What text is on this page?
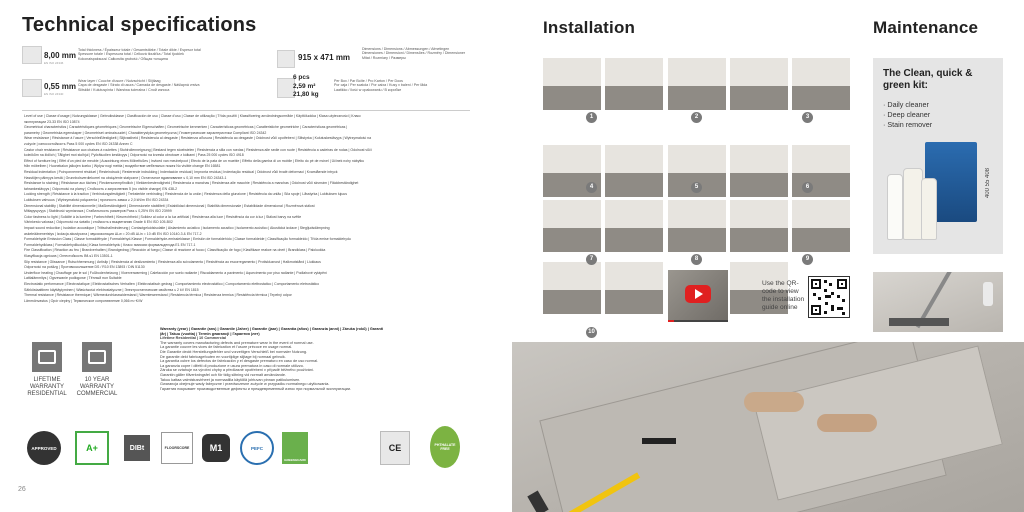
Technical specifications
8,00 mm
EN ISO 24346
Total thickness / Épaisseur totale / Gesamtstärke / Totale dikte / Espesor total
Spessore totale / Espessura total / Celková tloušťka / Total tjocklek
Kokonaispaksuus/ Całkowita grubość / Общая толщина
0,55 mm
EN ISO 24340
Wear layer / Couche d'usure / Nutzschicht / Slijtlaag
Capa de desgaste / Strato di usura / Camada de desgaste / Nášlapná vrstva
Slitskikt / Kulutuspinta / Warstwa ścieralna / Слой износа
915 x 471 mm
Dimensions / Dimensions / Abmessungen / Afmetingen
Dimensiones / Dimensioni / Dimensões / Rozměry / Dimensioner
Mitat / Rozmiary / Размеры
6 pcs
2,59 m²
21,80 kg
Per Box / Par Boîte / Pro Karton / Per Doos
Por caja / Per scatola / Por caixa / Kusy v balení / Per låda
Laatikko / Ilość w opakowaniu / В коробке
Level of use | Classe d'usage | Nutzungsklasse | Gebruiksklasse | Clasificación de uso | Classe d'uso | Classe de utilização | Třída použití | Klassificering användningsområde | Käyttöluokka | Klasa użyteczności | Класс
эксплуатации 23-33 EN ISO 10874
Geometrical characteristics | Caractéristiques géométriques | Geometrische Eigenschaften | Geometrische kenmerken | Características geométricas | Caratteristiche geometriche | Características geométricas |
parametry | Geometriska egenskaper | Geometriset ominaisuudet | Charakterystyka geometryczna | Геометрические характеристики Compliant ISO 24342
Wear resistance | Résistance à l'usure | Verschleißfestigkeit | Slijtvastheid | Resistencia al desgaste | Resistenza all'usura | Resistência ao desgaste | Odolnost vůči opotřebení | Slitstyrka | Kulutuskestävyys | Wytrzymałość na
zużycie | износостойкость Pass 5 000 cycles EN ISO 24338 Annex C
Castor chair resistance | Résistance aux chaises à roulettes | Stuhlrollenneignung | Bestand tegen stoelwielen | Resistencia a silla con ruedas | Resistenza alle sedie con ruote | Resistência a cadeiras de rodas | Odolnost vůči
kolečkům na židlích | Tålighet mot stolhjul | Pyörätuolien kestävyys | Odporność na krzesła obrotowe z kółkami | Pass 25 000 cycles ISO 4918
Effect of furniture leg | Effet d'un pied de meuble | Auswirkung eines Möbelfußes | Invloed van meubelpoot | Efecto de la pata de un mueble | Effetto della gamba di un mobile | Efeito do pé de móvel | Účinek nohy nábytku
från möbelben | Huonekalun jalkojen koeko | Wpływ nogi mebla | воздействие мебельных ножек No visible change EN 16581
Residual indentation | Poinçonnement résiduel | Resteindruck | Resterende indrukking | Indentación residual | Impronta residua | Indentação residual | Odolnost vůči trvalé deformaci | Kvarstående intryck
Hasstöjen pälmyys kestä | Grunnbolsverdiekorrel na obciążenie statyczne | Остаточное вдавливание ≤ 0,10 mm EN ISO 24343-1
Resistance to staining | Résistance aux tâches | Fleckenunempfindlich | Vlekkenbestendigheid | Resistencia a manchas | Resistenza alle macchie | Resistência a manchas | Odolnost vůči skvrnám | Fläckbeständighet
tahrankestävyys | Odporność na plamy | Стойкость к загрязнению 5 (no visible change) EN 438-2
Locking strength | Résistance à la traction | Verbindungsfestigkeit | Treksterkte verbinding | Resistencia de la unión | Resistenza della giunzione | Resistência da união | Síla spoje | Låsstyrka | Lukituksen lujuus
Lukituksen vahvuus | Wytrzymałość połączenia | прочность замка ≥ 2,0 kN/m EN ISO 24334
Dimensional stability | Stabilité dimensionnelle | Maßbeständigkeit | Dimensionele stabiliteit | Estabilidad dimensional | Stabilità dimensionale | Estabilidade dimensional | Rozměrová stálost
Mittapysyvyys | Stabilność wymiarowa | Стабильность размеров Pass ≤ 0,25% EN ISO 23999
Color fastness to light | Solidité à la lumière | Farbechtheit | Kleurechtheid | Solidez al color a la luz artificial | Resistenza alla luce | Resistência da cor à luz | Stálost barvy na světle
Värinkesto valossa | Odporność na światło | стойкость к выцветанию Grade 6 EN ISO 105-B02
Impact sound reduction | Isolation acoustique | Trittschallminderung | Contactgeluidsisolatie | Aislamiento acústico | Isolamento acustico | Isolamento acústico | Akustická izolace | Stegljudsdämpning
askeleääneneristys | Izolacja akustyczna | звукоизоляция ΔLw = 20 dB ΔLin = 10 dB EN ISO 10140-3 & EN 717-2
Formaldehyde Emission Class | Classe formaldéhyde | Formaldehyd-Klasse | Formaldehyde-emissieklasse | Emisión de formaldehído | Classe formaldeide | Classificação formaldeído | Třída emise formaldehydu
Formaldehydklass | Formaldehydiluokka | Klasa formaldehydu | Класс эмиссии формальдегида E1 EN 717-1
Fire Classification | Réaction au feu | Brandverhalten | Brandgedrag | Reacción al fuego | Classe di reazione al fuoco | Classificação de fogo | Klasifikace reakce na oheň | Brandklass | Paloluokka
Klasyfikacja ogniowa | Огнестойкость Bfl-s1 EN 13501-1
Slip resistance | Glissance | Rutschhemmung | Antislip | Resistencia al deslizamiento | Resistenza allo scivolamento | Resistência ao escorregamento | Protiskluznost | Halkmotstånd | Liukkaus
Odporność na poślizg | Противоскольжение DS / R10 EN 13893 / DIN 51130
Underfloor heating | Chauffage par le sol | Fußbodenheizung | Vloerverwarming | Calefacción por suelo radiante | Riscaldamento a pavimento | Aquecimento por piso radiante | Podlahové vytápění
Lattialämmitys | Ogrzewanie podłogowe | Тёплый пол Suitable
Electrostatic performance | Électrostatique | Elektrostatisches Verhalten | Elektrostatisch gedrag | Comportamiento electrostático | Comportamento elettrostatico | Comportamento eletrostático
Sähköstaattinen käyttäytyminen | Właściwości elektrostatyczne | Электростатические свойства ≤ 2 kV EN 1815
Thermal resistance | Résistance thermique | Wärmedurchlasswiderstand | Warmteweerstand | Resistencia térmica | Resistenza termica | Resistência térmica | Tepelný odpor
Lämmönvastus | Opór cieplny | Термическое сопротивление 0,066 m²·K/W
LIFETIME
WARRANTY
RESIDENTIAL
10 YEAR
WARRANTY
COMMERCIAL
Warranty (year) | Garantie (ans) | Garantie (Jahre) | Garantie (jaar) | Garantía (años) | Garanzia (anni) | Záruka (roků) | Garanti
(år) | Takuu (vuotta) | Termin gwarancji | Гарантия (лет)
Lifetime Residential | 10 Commercial
The warranty covers manufacturing defects and premature wear in the event of normal use.
La garantie couvre les vices de fabrication et l'usure précoce en usage normal.
Die Garantie deckt Herstellungsfehler und vorzeitigen Verschleiß bei normaler Nutzung.
De garantie dekt fabricagefouten en voortijdige slijtage bij normaal gebruik.
La garantía cubre los defectos de fabricación y el desgaste prematuro en caso de uso normal.
La garanzia copre i difetti di produzione e usura prematura in caso di normale utilizzo.
Záruka se vztahuje na výrobní chyby a předčasné opotřebení v případě běžného používání.
Garantin gäller tillverkningsfel och för tidig slitning vid normalt användande.
Takuu kattaa valmistusvirheet ja normaalilla käytöllä johtuvan pinnan patikulumisen.
Gwarancja obejmuje wady fabryczne i przedwczesne zużycie w przypadku normalnego użytkowania.
Гарантия покрывает производственные дефекты и преждевременный износ при нормальной эксплуатации.
APPROVED	A+	DIBt	FLOORSCORE	M1	PEFC
GREENGUARD
CE	PHTHALATE FREE
26
Installation
1	2	3
4	5	6
7	8	9
10
Use the QR-code to view the installation guide online
Maintenance
The Clean, quick & green kit:
· Daily cleaner
· Deep cleaner
· Stain remover
400 55 408
